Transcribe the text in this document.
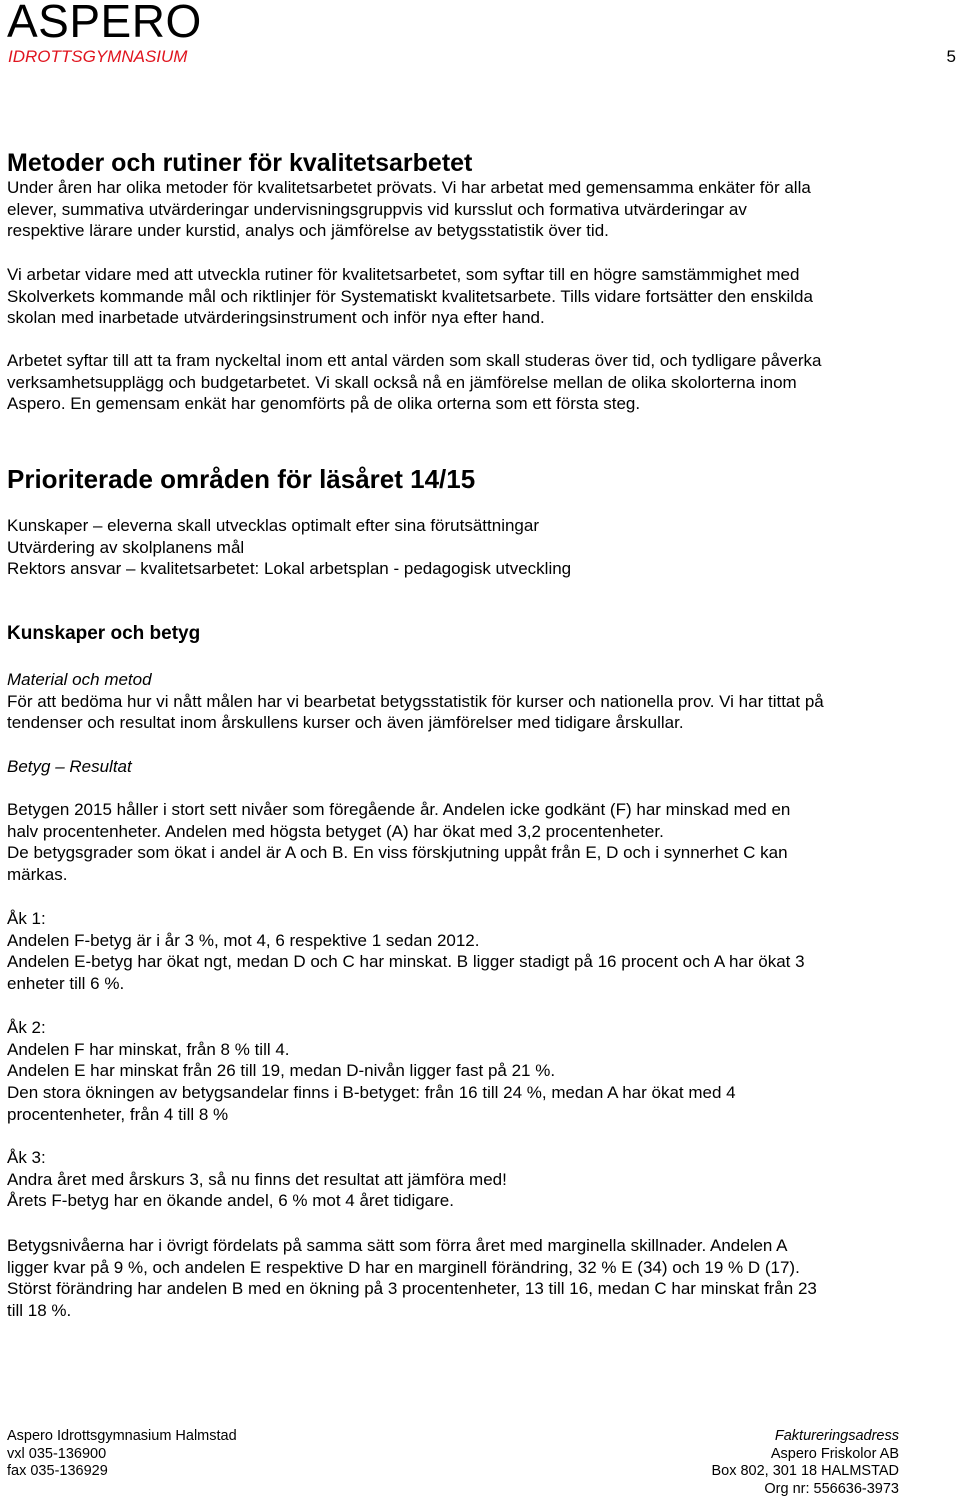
ASPERO
IDROTTSGYMNASIUM	5
Metoder och rutiner för kvalitetsarbetet
Under åren har olika metoder för kvalitetsarbetet prövats. Vi har arbetat med gemensamma enkäter för alla
elever, summativa utvärderingar undervisningsgruppvis vid kursslut och formativa utvärderingar av
respektive lärare under kurstid, analys och jämförelse av betygsstatistik över tid.
Vi arbetar vidare med att utveckla rutiner för kvalitetsarbetet, som syftar till en högre samstämmighet med
Skolverkets kommande mål och riktlinjer för Systematiskt kvalitetsarbete. Tills vidare fortsätter den enskilda
skolan med inarbetade utvärderingsinstrument och inför nya efter hand.
Arbetet syftar till att ta fram nyckeltal inom ett antal värden som skall studeras över tid, och tydligare påverka
verksamhetsupplägg och budgetarbetet. Vi skall också nå en jämförelse mellan de olika skolorterna inom
Aspero. En gemensam enkät har genomförts på de olika orterna som ett första steg.
Prioriterade områden för läsåret 14/15
Kunskaper – eleverna skall utvecklas optimalt efter sina förutsättningar
Utvärdering av skolplanens mål
Rektors ansvar – kvalitetsarbetet: Lokal arbetsplan - pedagogisk utveckling
Kunskaper och betyg
Material och metod
För att bedöma hur vi nått målen har vi bearbetat betygsstatistik för kurser och nationella prov. Vi har tittat på
tendenser och resultat inom årskullens kurser och även jämförelser med tidigare årskullar.
Betyg – Resultat
Betygen 2015 håller i stort sett nivåer som föregående år. Andelen icke godkänt (F) har minskad med en
halv procentenheter. Andelen med högsta betyget (A) har ökat med 3,2 procentenheter.
De betygsgrader som ökat i andel är A och B. En viss förskjutning uppåt från E, D och i synnerhet C kan
märkas.
Åk 1:
Andelen F-betyg är i år 3 %, mot 4, 6 respektive 1 sedan 2012.
Andelen E-betyg har ökat ngt, medan D och C har minskat. B ligger stadigt på 16 procent och A har ökat 3
enheter till 6 %.
Åk 2:
Andelen F har minskat, från 8 % till 4.
Andelen E har minskat från 26 till 19, medan D-nivån ligger fast på 21 %.
Den stora ökningen av betygsandelar finns i B-betyget: från 16 till 24 %, medan A har ökat med 4
procentenheter, från 4 till 8 %
Åk 3:
Andra året med årskurs 3, så nu finns det resultat att jämföra med!
Årets F-betyg har en ökande andel, 6 % mot 4 året tidigare.
Betygsnivåerna har i övrigt fördelats på samma sätt som förra året med marginella skillnader. Andelen A
ligger kvar på 9 %, och andelen E respektive D har en marginell förändring, 32 % E (34) och 19 % D (17).
Störst förändring har andelen B med en ökning på 3 procentenheter, 13 till 16, medan C har minskat från 23
till 18 %.
Aspero Idrottsgymnasium Halmstad
vxl 035-136900
fax 035-136929
Faktureringsadress
Aspero Friskolor AB
Box 802, 301 18 HALMSTAD
Org nr: 556636-3973
